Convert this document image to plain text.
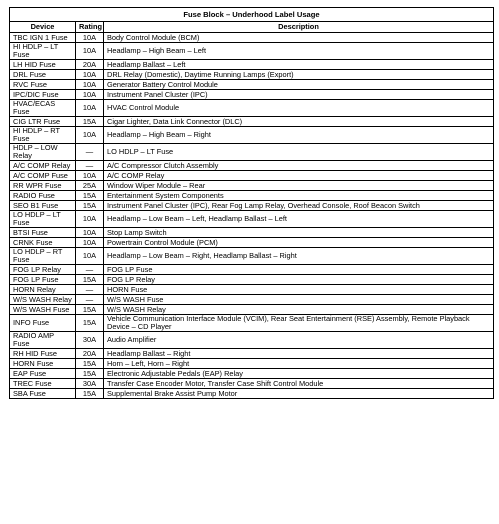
Fuse Block – Underhood Label Usage		
Device	Rating	Description
TBC IGN 1 Fuse	10A	Body Control Module (BCM)
HI HDLP – LT Fuse	10A	Headlamp – High Beam – Left
LH HID Fuse	20A	Headlamp Ballast – Left
DRL Fuse	10A	DRL Relay (Domestic), Daytime Running Lamps (Export)
RVC Fuse	10A	Generator Battery Control Module
IPC/DIC Fuse	10A	Instrument Panel Cluster (IPC)
HVAC/ECAS Fuse	10A	HVAC Control Module
CIG LTR Fuse	15A	Cigar Lighter, Data Link Connector (DLC)
HI HDLP – RT Fuse	10A	Headlamp – High Beam – Right
HDLP – LOW Relay	—	LO HDLP – LT Fuse
A/C COMP Relay	—	A/C Compressor Clutch Assembly
A/C COMP Fuse	10A	A/C COMP Relay
RR WPR Fuse	25A	Window Wiper Module – Rear
RADIO Fuse	15A	Entertainment System Components
SEO B1 Fuse	15A	Instrument Panel Cluster (IPC), Rear Fog Lamp Relay, Overhead Console, Roof Beacon Switch
LO HDLP – LT Fuse	10A	Headlamp – Low Beam – Left, Headlamp Ballast – Left
BTSI Fuse	10A	Stop Lamp Switch
CRNK Fuse	10A	Powertrain Control Module (PCM)
LO HDLP – RT Fuse	10A	Headlamp – Low Beam – Right, Headlamp Ballast – Right
FOG LP Relay	—	FOG LP Fuse
FOG LP Fuse	15A	FOG LP Relay
HORN Relay	—	HORN Fuse
W/S WASH Relay	—	W/S WASH Fuse
W/S WASH Fuse	15A	W/S WASH Relay
INFO Fuse	15A	Vehicle Communication Interface Module (VCIM), Rear Seat Entertainment (RSE) Assembly, Remote Playback Device – CD Player
RADIO AMP Fuse	30A	Audio Amplifier
RH HID Fuse	20A	Headlamp Ballast – Right
HORN Fuse	15A	Horn – Left, Horn – Right
EAP Fuse	15A	Electronic Adjustable Pedals (EAP) Relay
TREC Fuse	30A	Transfer Case Encoder Motor, Transfer Case Shift Control Module
SBA Fuse	15A	Supplemental Brake Assist Pump Motor
